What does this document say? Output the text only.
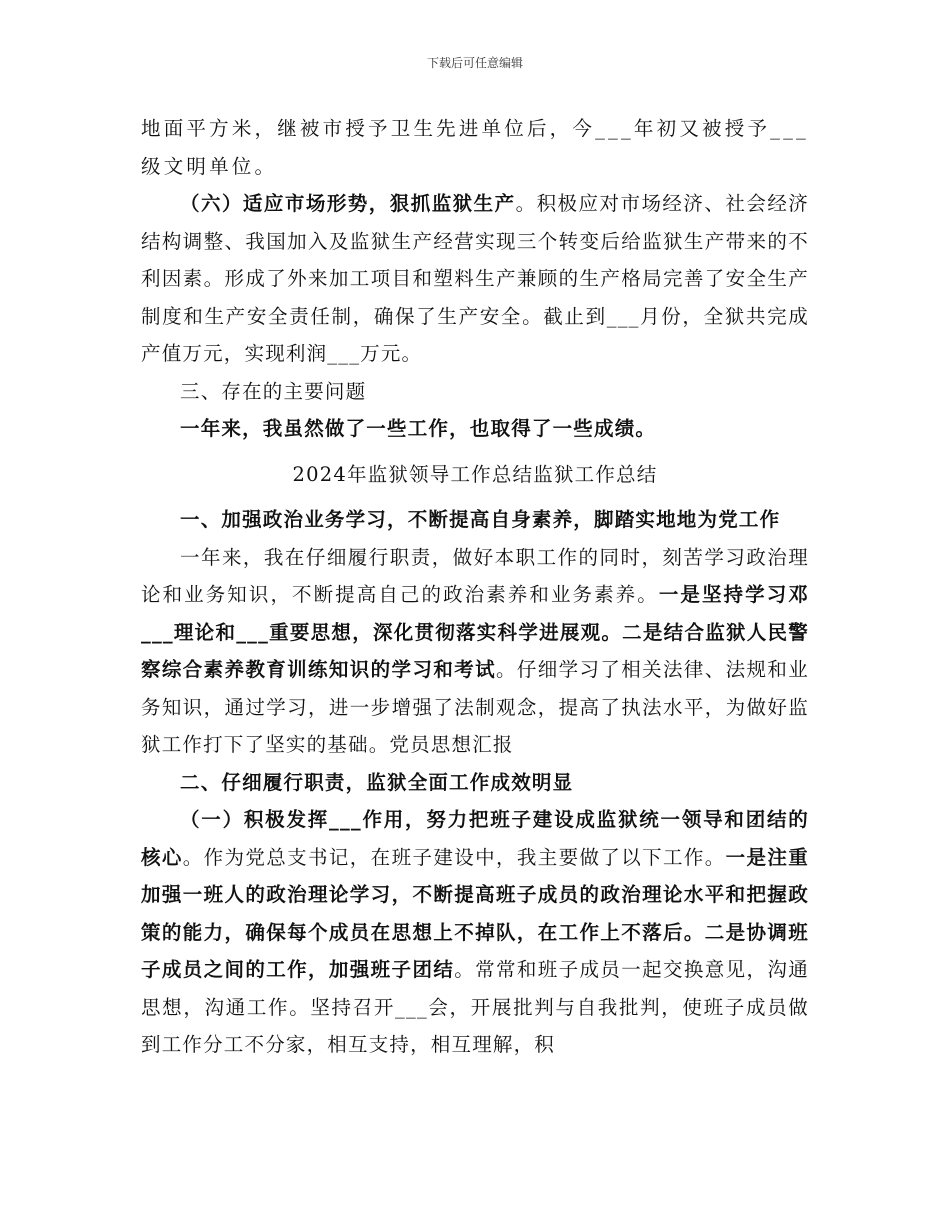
下载后可任意编辑

地面平方米，继被市授予卫生先进单位后，今___年初又被授予___级文明单位。

（六）适应市场形势，狠抓监狱生产。积极应对市场经济、社会经济结构调整、我国加入及监狱生产经营实现三个转变后给监狱生产带来的不利因素。形成了外来加工项目和塑料生产兼顾的生产格局完善了安全生产制度和生产安全责任制，确保了生产安全。截止到___月份，全狱共完成产值万元，实现利润___万元。

三、存在的主要问题

一年来，我虽然做了一些工作，也取得了一些成绩。

2024年监狱领导工作总结监狱工作总结

一、加强政治业务学习，不断提高自身素养，脚踏实地地为党工作

一年来，我在仔细履行职责，做好本职工作的同时，刻苦学习政治理论和业务知识，不断提高自己的政治素养和业务素养。一是坚持学习邓___理论和___重要思想，深化贯彻落实科学进展观。二是结合监狱人民警察综合素养教育训练知识的学习和考试。仔细学习了相关法律、法规和业务知识，通过学习，进一步增强了法制观念，提高了执法水平，为做好监狱工作打下了坚实的基础。党员思想汇报

二、仔细履行职责，监狱全面工作成效明显

（一）积极发挥___作用，努力把班子建设成监狱统一领导和团结的核心。作为党总支书记，在班子建设中，我主要做了以下工作。一是注重加强一班人的政治理论学习，不断提高班子成员的政治理论水平和把握政策的能力，确保每个成员在思想上不掉队，在工作上不落后。二是协调班子成员之间的工作，加强班子团结。常常和班子成员一起交换意见，沟通思想，沟通工作。坚持召开___会，开展批判与自我批判，使班子成员做到工作分工不分家，相互支持，相互理解，积
